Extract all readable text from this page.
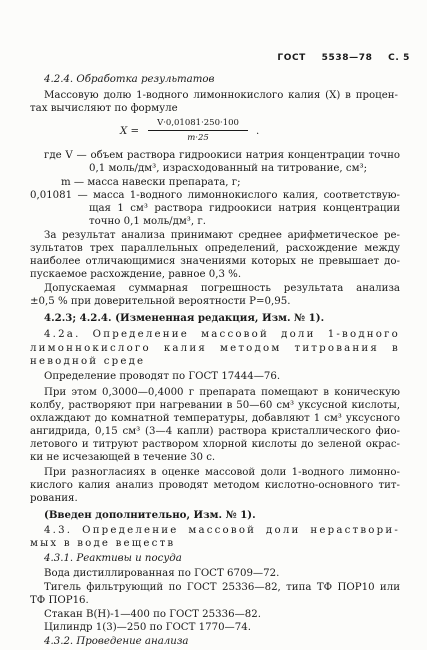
ГОСТ 5538—78 С. 5
4.2.4. Обработка результатов
Массовую долю 1-водного лимоннокислого калия (X) в процен-
тах вычисляют по формуле
X =
V·0,01081·250·100
m·25
.
где V — объем раствора гидроокиси натрия концентрации точно
0,1 моль/дм³, израсходованный на титрование, см³;
m — масса навески препарата, г;
0,01081 — масса 1-водного лимоннокислого калия, соответствую-
щая 1 см³ раствора гидроокиси натрия концентрации
точно 0,1 моль/дм³, г.
За результат анализа принимают среднее арифметическое ре-
зультатов трех параллельных определений, расхождение между
наиболее отличающимися значениями которых не превышает до-
пускаемое расхождение, равное 0,3 %.
Допускаемая суммарная погрешность результата анализа
±0,5 % при доверительной вероятности P=0,95.
4.2.3; 4.2.4. (Измененная редакция, Изм. № 1).
4.2а. Определение массовой доли 1-водного
лимоннокислого калия методом титрования в
неводной среде
Определение проводят по ГОСТ 17444—76.
При этом 0,3000—0,4000 г препарата помещают в коническую
колбу, растворяют при нагревании в 50—60 см³ уксусной кислоты,
охлаждают до комнатной температуры, добавляют 1 см³ уксусного
ангидрида, 0,15 см³ (3—4 капли) раствора кристаллического фио-
летового и титруют раствором хлорной кислоты до зеленой окрас-
ки не исчезающей в течение 30 с.
При разногласиях в оценке массовой доли 1-водного лимонно-
кислого калия анализ проводят методом кислотно-основного тит-
рования.
(Введен дополнительно, Изм. № 1).
4.3. Определение массовой доли нераствори-
мых в воде веществ
4.3.1. Реактивы и посуда
Вода дистиллированная по ГОСТ 6709—72.
Тигель фильтрующий по ГОСТ 25336—82, типа ТФ ПОР10 или
ТФ ПОР16.
Стакан В(Н)-1—400 по ГОСТ 25336—82.
Цилиндр 1(3)—250 по ГОСТ 1770—74.
4.3.2. Проведение анализа
